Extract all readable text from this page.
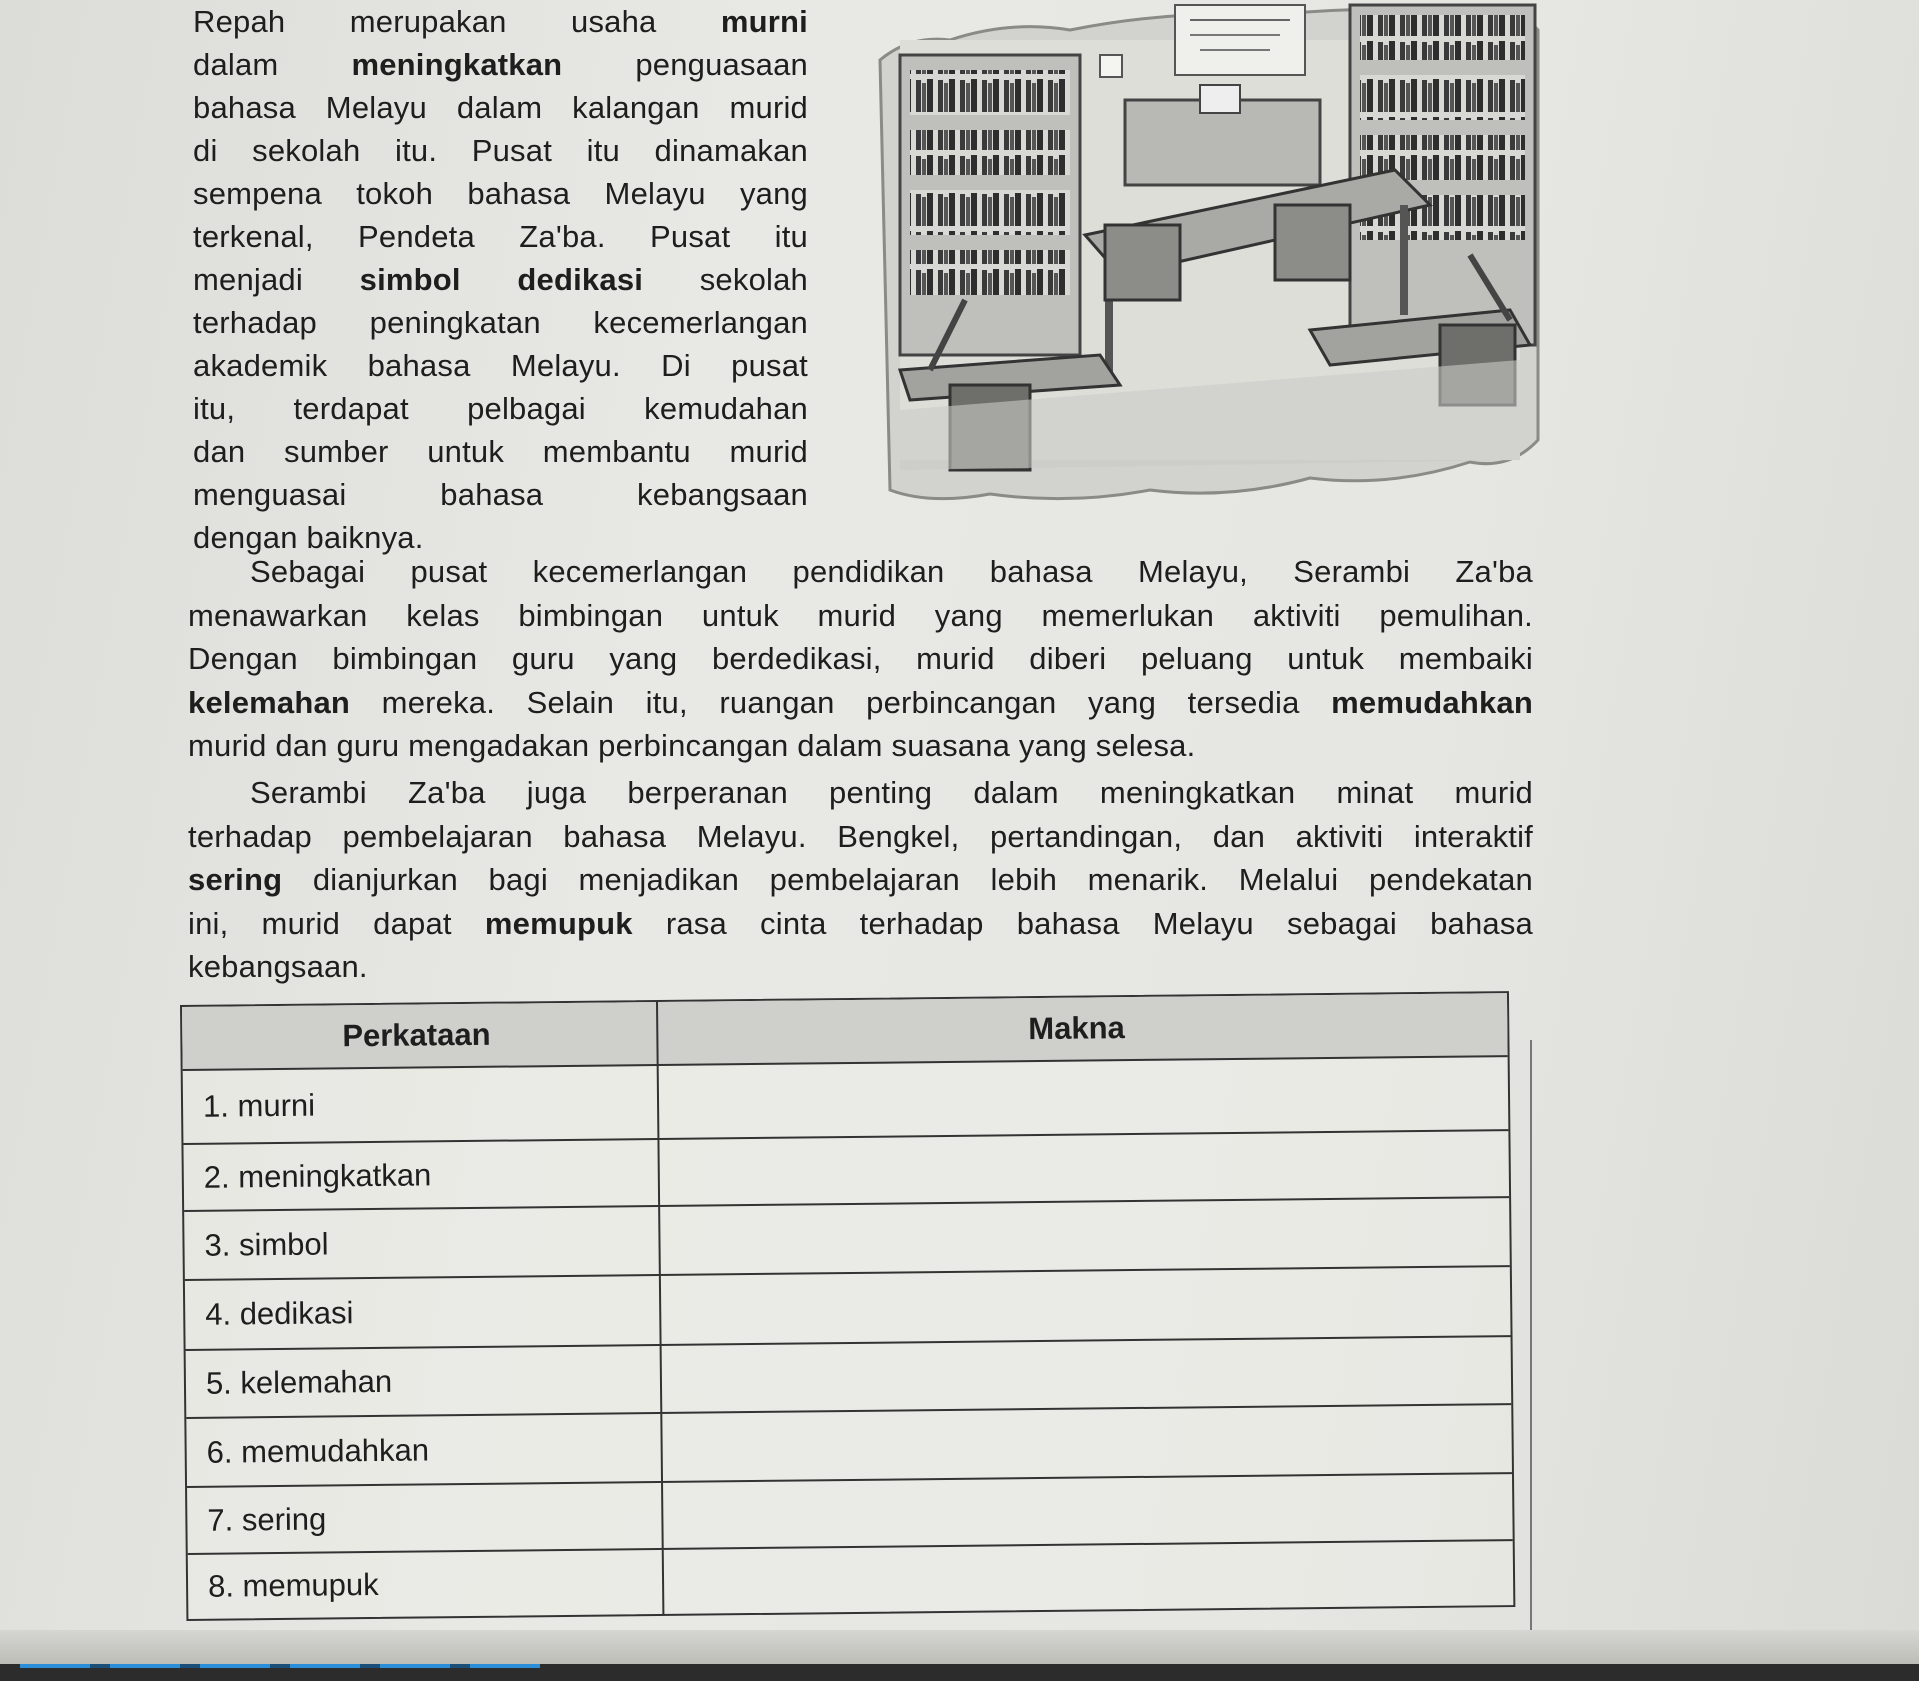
Repah merupakan usaha murni

dalam meningkatkan penguasaan

bahasa Melayu dalam kalangan murid

di sekolah itu. Pusat itu dinamakan

sempena tokoh bahasa Melayu yang

terkenal, Pendeta Za'ba. Pusat itu

menjadi simbol dedikasi sekolah

terhadap peningkatan kecemerlangan

akademik bahasa Melayu. Di pusat

itu, terdapat pelbagai kemudahan

dan sumber untuk membantu murid

menguasai bahasa kebangsaan

dengan baiknya.

Sebagai pusat kecemerlangan pendidikan bahasa Melayu, Serambi Za'ba

menawarkan kelas bimbingan untuk murid yang memerlukan aktiviti pemulihan.

Dengan bimbingan guru yang berdedikasi, murid diberi peluang untuk membaiki

kelemahan mereka. Selain itu, ruangan perbincangan yang tersedia memudahkan

murid dan guru mengadakan perbincangan dalam suasana yang selesa.

Serambi Za'ba juga berperanan penting dalam meningkatkan minat murid

terhadap pembelajaran bahasa Melayu. Bengkel, pertandingan, dan aktiviti interaktif

sering dianjurkan bagi menjadikan pembelajaran lebih menarik. Melalui pendekatan

ini, murid dapat memupuk rasa cinta terhadap bahasa Melayu sebagai bahasa

kebangsaan.

Perkataan	Makna
1. murni
2. meningkatkan
3. simbol
4. dedikasi
5. kelemahan
6. memudahkan
7. sering
8. memupuk
